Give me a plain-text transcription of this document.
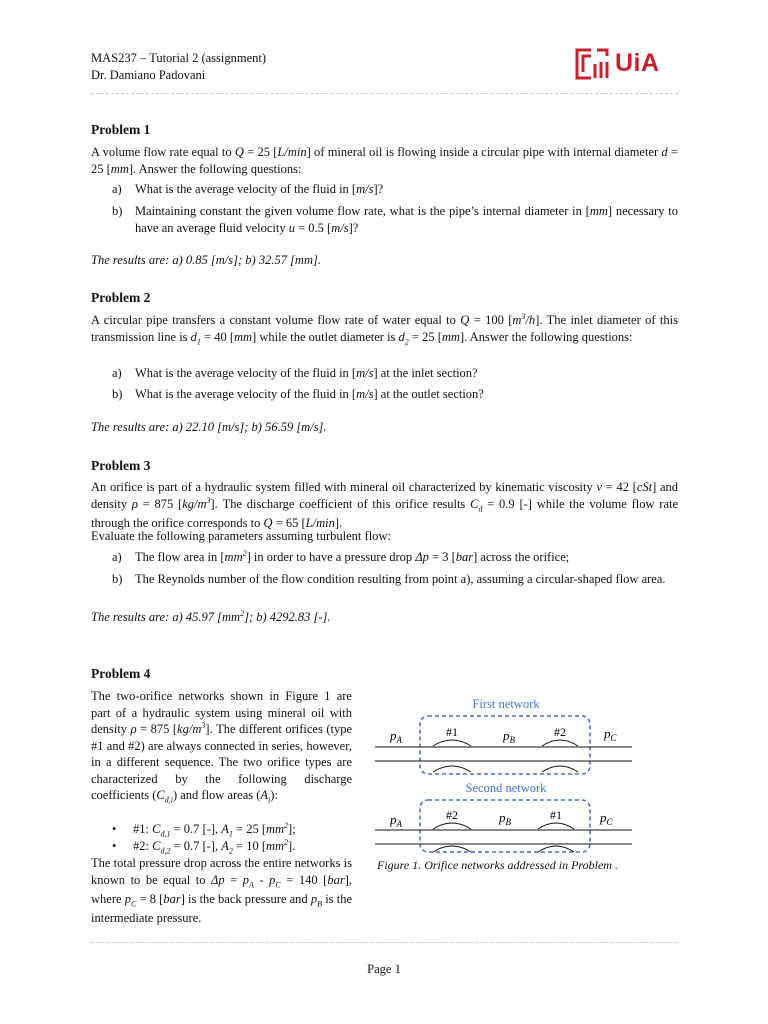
MAS237 – Tutorial 2 (assignment)
Dr. Damiano Padovani	UiA
Problem 1
A volume flow rate equal to Q = 25 [L/min] of mineral oil is flowing inside a circular pipe with internal diameter d = 25 [mm]. Answer the following questions:
a) What is the average velocity of the fluid in [m/s]?
b) Maintaining constant the given volume flow rate, what is the pipe’s internal diameter in [mm] necessary to have an average fluid velocity u = 0.5 [m/s]?
The results are: a) 0.85 [m/s]; b) 32.57 [mm].
Problem 2
A circular pipe transfers a constant volume flow rate of water equal to Q = 100 $[m^3/h]$. The inlet diameter of this transmission line is $d_1 = 40$ [mm] while the outlet diameter is $d_2 = 25$ [mm]. Answer the following questions:
a) What is the average velocity of the fluid in [m/s] at the inlet section?
b) What is the average velocity of the fluid in [m/s] at the outlet section?
The results are: a) 22.10 [m/s]; b) 56.59 [m/s].
Problem 3
An orifice is part of a hydraulic system filled with mineral oil characterized by kinematic viscosity ν = 42 [cSt] and density ρ = 875 $[kg/m^3]$. The discharge coefficient of this orifice results $C_d = 0.9$ [-] while the volume flow rate through the orifice corresponds to Q = 65 [L/min].
Evaluate the following parameters assuming turbulent flow:
a) The flow area in $[mm^2]$ in order to have a pressure drop Δp = 3 [bar] across the orifice;
b) The Reynolds number of the flow condition resulting from point a), assuming a circular-shaped flow area.
The results are: a) 45.97 $[mm^2]$; b) 4292.83 [-].
Problem 4
The two-orifice networks shown in Figure 1 are part of a hydraulic system using mineral oil with density ρ = 875 $[kg/m^3]$. The different orifices (type #1 and #2) are always connected in series, however, in a different sequence. The two orifice types are characterized by the following discharge coefficients $(C_{d,i})$ and flow areas $(A_i)$:
• #1: $C_{d,1} = 0.7$ [-], $A_1 = 25$ $[mm^2]$;
• #2: $C_{d,2} = 0.7$ [-], $A_2 = 10$ $[mm^2]$.
The total pressure drop across the entire networks is known to be equal to $\Delta p = p_A - p_C = 140$ [bar], where $p_C = 8$ [bar] is the back pressure and $p_B$ is the intermediate pressure.
First network
#1	#2
$p_A$	$p_B$	$p_C$
Second network
#2	#1
$p_A$	$p_B$	$p_C$
Figure 1. Orifice networks addressed in Problem .
Page 1
